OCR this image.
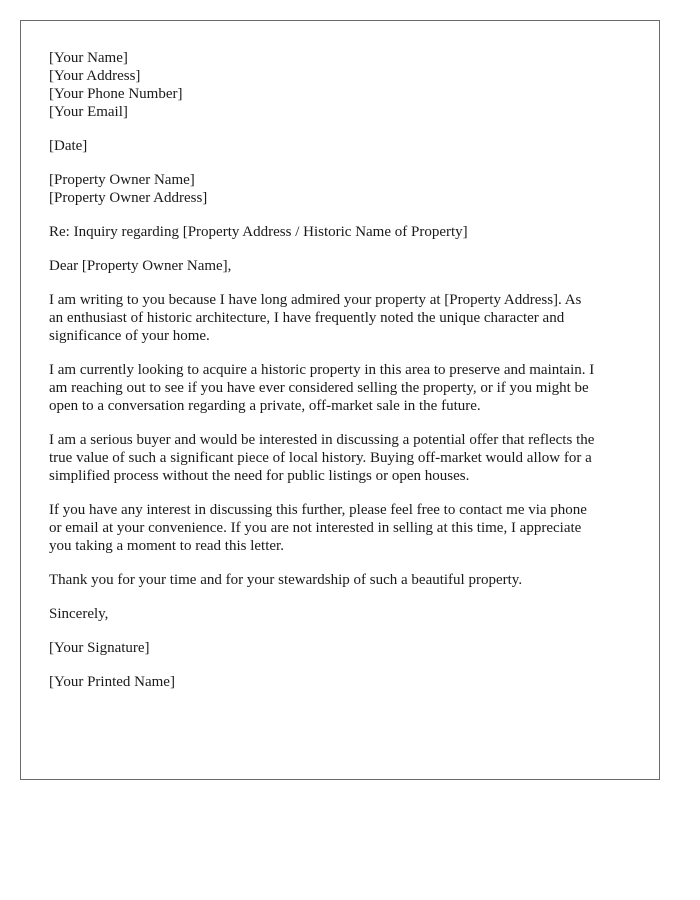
[Your Name]
[Your Address]
[Your Phone Number]
[Your Email]
[Date]
[Property Owner Name]
[Property Owner Address]
Re: Inquiry regarding [Property Address / Historic Name of Property]
Dear [Property Owner Name],
I am writing to you because I have long admired your property at [Property Address]. As
an enthusiast of historic architecture, I have frequently noted the unique character and
significance of your home.
I am currently looking to acquire a historic property in this area to preserve and maintain. I
am reaching out to see if you have ever considered selling the property, or if you might be
open to a conversation regarding a private, off-market sale in the future.
I am a serious buyer and would be interested in discussing a potential offer that reflects the
true value of such a significant piece of local history. Buying off-market would allow for a
simplified process without the need for public listings or open houses.
If you have any interest in discussing this further, please feel free to contact me via phone
or email at your convenience. If you are not interested in selling at this time, I appreciate
you taking a moment to read this letter.
Thank you for your time and for your stewardship of such a beautiful property.
Sincerely,
[Your Signature]
[Your Printed Name]
